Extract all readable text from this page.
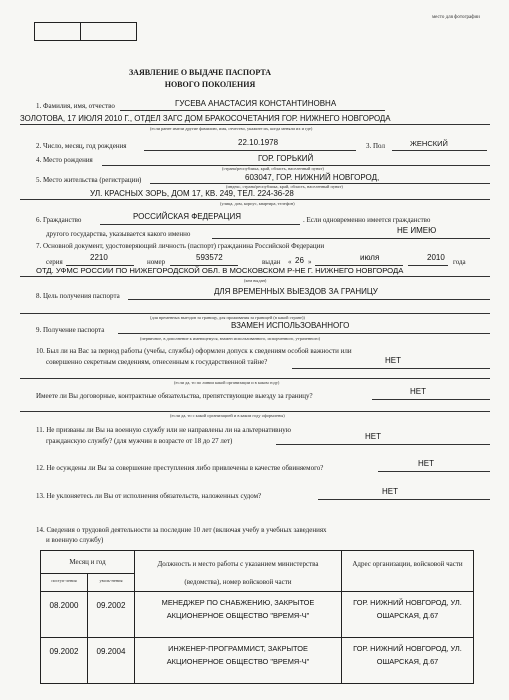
место для фотографии
ЗАЯВЛЕНИЕ О ВЫДАЧЕ ПАСПОРТА
НОВОГО ПОКОЛЕНИЯ
1. Фамилия, имя, отчество	ГУСЕВА АНАСТАСИЯ КОНСТАНТИНОВНА
ЗОЛОТОВА, 17 ИЮЛЯ 2010 Г., ОТДЕЛ ЗАГС ДОМ БРАКОСОЧЕТАНИЯ ГОР. НИЖНЕГО НОВГОРОДА
(если ранее имели другие фамилию, имя, отчество, укажите их, когда меняли их и где)
2. Число, месяц, год рождения	22.10.1978	3. Пол	ЖЕНСКИЙ
4. Место рождения	ГОР. ГОРЬКИЙ
(страна/республика, край, область, населенный пункт)
5. Место жительства (регистрации)	603047, ГОР. НИЖНИЙ НОВГОРОД,
(индекс, страна/республика, край, область, населенный пункт)
УЛ. КРАСНЫХ ЗОРЬ, ДОМ 17, КВ. 249, ТЕЛ. 224-36-28
(улица, дом, корпус, квартира, телефон)
6. Гражданство	РОССИЙСКАЯ ФЕДЕРАЦИЯ	. Если одновременно имеется гражданство
другого государства, указывается какого именно	НЕ ИМЕЮ
7. Основной документ, удостоверяющий личность (паспорт) гражданина Российской Федерации
серия	2210	номер	593572	выдан « 26 »	июля	2010 года
ОТД. УФМС РОССИИ ПО НИЖЕГОРОДСКОЙ ОБЛ. В МОСКОВСКОМ Р-НЕ Г. НИЖНЕГО НОВГОРОДА
(кем выдан)
8. Цель получения паспорта	ДЛЯ ВРЕМЕННЫХ ВЫЕЗДОВ ЗА ГРАНИЦУ
(для временных выездов за границу, для проживания за границей (в какой стране))
9. Получение паспорта	ВЗАМЕН ИСПОЛЬЗОВАННОГО
(первичное, в дополнение к имеющемуся, взамен использованного, испорченного, утраченного)
10. Был ли на Вас за период работы (учебы, службы) оформлен допуск к сведениям особой важности или
совершенно секретным сведениям, отнесенным к государственной тайне?	НЕТ
(если да, то по линии какой организации и в каком году)
Имеете ли Вы договорные, контрактные обязательства, препятствующие выезду за границу?	НЕТ
(если да, то с какой организацией и в каком году оформлены)
11. Не призваны ли Вы на военную службу или не направлены ли на альтернативную
гражданскую службу? (для мужчин в возрасте от 18 до 27 лет)	НЕТ
12. Не осуждены ли Вы за совершение преступления либо привлечены в качестве обвиняемого?	НЕТ
13. Не уклоняетесь ли Вы от исполнения обязательств, наложенных судом?	НЕТ
14. Сведения о трудовой деятельности за последние 10 лет (включая учебу в учебных заведениях
и военную службу)
Месяц и год		Должность и место работы с указанием министерства (ведомства), номер войсковой части	Адрес организации, войсковой части
поступ-ления	уволь-нения		
08.2000	09.2002	МЕНЕДЖЕР ПО СНАБЖЕНИЮ, ЗАКРЫТОЕ АКЦИОНЕРНОЕ ОБЩЕСТВО "ВРЕМЯ-Ч"	ГОР. НИЖНИЙ НОВГОРОД, УЛ. ОШАРСКАЯ, Д.67
09.2002	09.2004	ИНЖЕНЕР-ПРОГРАММИСТ, ЗАКРЫТОЕ АКЦИОНЕРНОЕ ОБЩЕСТВО "ВРЕМЯ-Ч"	ГОР. НИЖНИЙ НОВГОРОД, УЛ. ОШАРСКАЯ, Д.67
